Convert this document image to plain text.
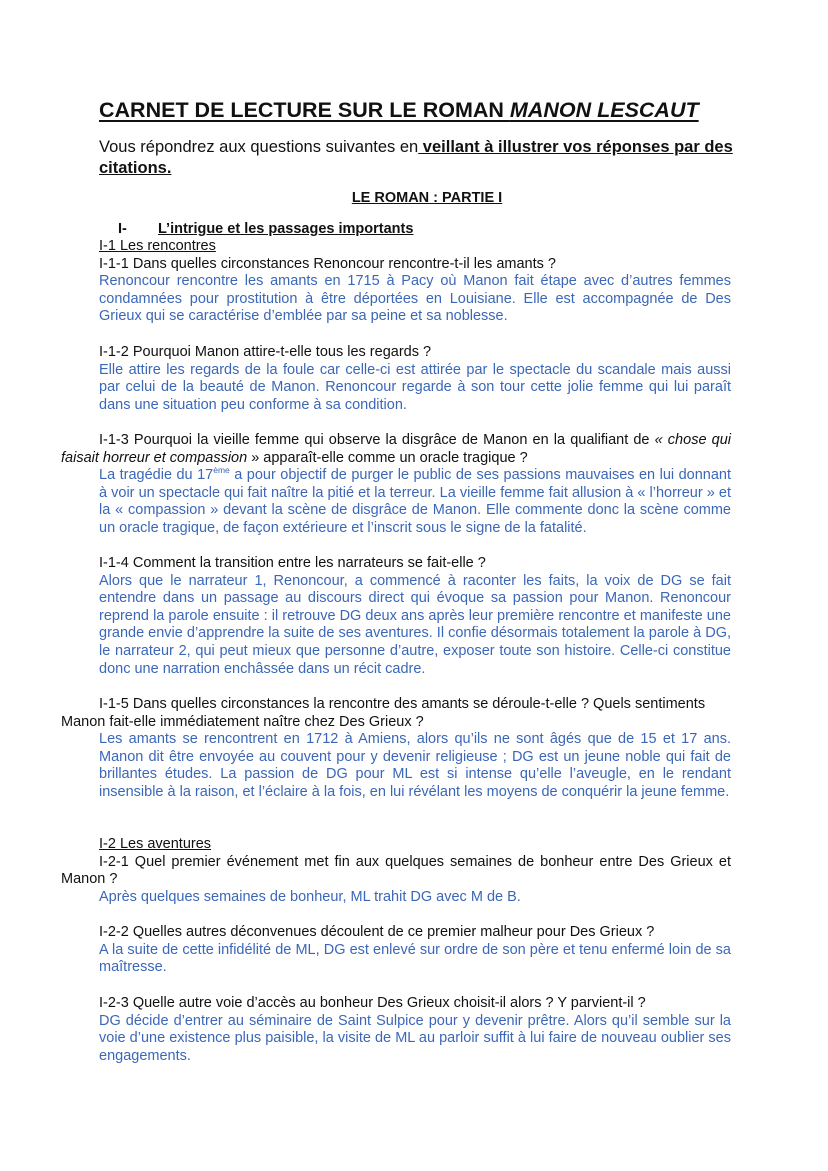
CARNET DE LECTURE SUR LE ROMAN MANON LESCAUT
Vous répondrez aux questions suivantes en veillant à illustrer vos réponses par des citations.
LE ROMAN : PARTIE I
I- L’intrigue et les passages importants
I-1 Les rencontres
I-1-1 Dans quelles circonstances Renoncour rencontre-t-il les amants ?
Renoncour rencontre les amants en 1715 à Pacy où Manon fait étape avec d’autres femmes condamnées pour prostitution à être déportées en Louisiane. Elle est accompagnée de Des Grieux qui se caractérise d’emblée par sa peine et sa noblesse.
I-1-2 Pourquoi Manon attire-t-elle tous les regards ?
Elle attire les regards de la foule car celle-ci est attirée par le spectacle du scandale mais aussi par celui de la beauté de Manon. Renoncour regarde à son tour cette jolie femme qui lui paraît dans une situation peu conforme à sa condition.
I-1-3 Pourquoi la vieille femme qui observe la disgrâce de Manon en la qualifiant de « chose qui faisait horreur et compassion » apparaît-elle comme un oracle tragique ?
La tragédie du 17ème a pour objectif de purger le public de ses passions mauvaises en lui donnant à voir un spectacle qui fait naître la pitié et la terreur. La vieille femme fait allusion à « l’horreur » et la « compassion » devant la scène de disgrâce de Manon. Elle commente donc la scène comme un oracle tragique, de façon extérieure et l’inscrit sous le signe de la fatalité.
I-1-4 Comment la transition entre les narrateurs se fait-elle ?
Alors que le narrateur 1, Renoncour, a commencé à raconter les faits, la voix de DG se fait entendre dans un passage au discours direct qui évoque sa passion pour Manon. Renoncour reprend la parole ensuite : il retrouve DG deux ans après leur première rencontre et manifeste une grande envie d’apprendre la suite de ses aventures. Il confie désormais totalement la parole à DG, le narrateur 2, qui peut mieux que personne d’autre, exposer toute son histoire. Celle-ci constitue donc une narration enchâssée dans un récit cadre.
I-1-5 Dans quelles circonstances la rencontre des amants se déroule-t-elle ? Quels sentiments Manon fait-elle immédiatement naître chez Des Grieux ?
Les amants se rencontrent en 1712 à Amiens, alors qu’ils ne sont âgés que de 15 et 17 ans. Manon dit être envoyée au couvent pour y devenir religieuse ; DG est un jeune noble qui fait de brillantes études. La passion de DG pour ML est si intense qu’elle l’aveugle, en le rendant insensible à la raison, et l’éclaire à la fois, en lui révélant les moyens de conquérir la jeune femme.
I-2 Les aventures
I-2-1 Quel premier événement met fin aux quelques semaines de bonheur entre Des Grieux et Manon ?
Après quelques semaines de bonheur, ML trahit DG avec M de B.
I-2-2 Quelles autres déconvenues découlent de ce premier malheur pour Des Grieux ?
A la suite de cette infidélité de ML, DG est enlevé sur ordre de son père et tenu enfermé loin de sa maîtresse.
I-2-3 Quelle autre voie d’accès au bonheur Des Grieux choisit-il alors ? Y parvient-il ?
DG décide d’entrer au séminaire de Saint Sulpice pour y devenir prêtre. Alors qu’il semble sur la voie d’une existence plus paisible, la visite de ML au parloir suffit à lui faire de nouveau oublier ses engagements.
